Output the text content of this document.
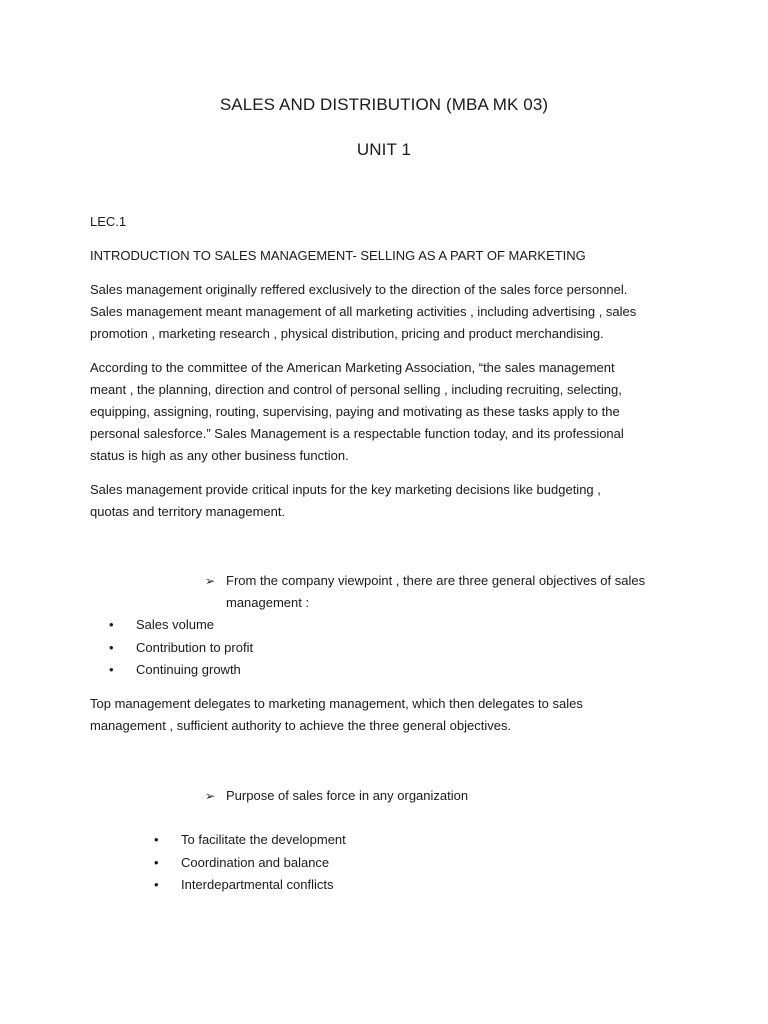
SALES AND DISTRIBUTION (MBA MK 03)
UNIT 1
LEC.1
INTRODUCTION TO SALES MANAGEMENT- SELLING AS A PART OF MARKETING
Sales management originally reffered exclusively to the direction of the sales force personnel.
Sales management meant management of all marketing activities , including advertising , sales
promotion , marketing research , physical distribution, pricing and product merchandising.
According to the committee of the American Marketing Association, “the sales management
meant , the planning, direction and control of personal selling , including recruiting, selecting,
equipping, assigning, routing, supervising, paying and motivating as these tasks apply to the
personal salesforce.” Sales Management is a respectable function today, and its professional
status is high as any other business function.
Sales management provide critical inputs for the key marketing decisions like budgeting ,
quotas and territory management.
➢ From the company viewpoint , there are three general objectives of sales
management :
• Sales volume
• Contribution to profit
• Continuing growth
Top management delegates to marketing management, which then delegates to sales
management , sufficient authority to achieve the three general objectives.
➢ Purpose of sales force in any organization
• To facilitate the development
• Coordination and balance
• Interdepartmental conflicts
